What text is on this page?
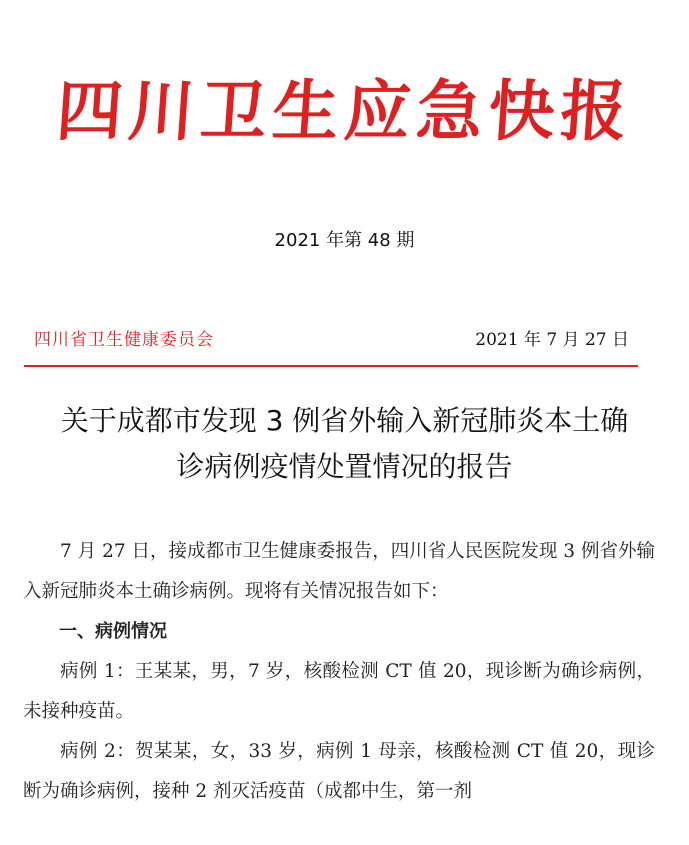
四川卫生应急快报
2021 年第 48 期
四川省卫生健康委员会	2021 年 7 月 27 日
关于成都市发现 3 例省外输入新冠肺炎本土确
诊病例疫情处置情况的报告

7 月 27 日，接成都市卫生健康委报告，四川省人民医院发现 3 例省外输入新冠肺炎本土确诊病例。现将有关情况报告如下：

一、病例情况

病例 1：王某某，男，7 岁，核酸检测 CT 值 20，现诊断为确诊病例，未接种疫苗。

病例 2：贺某某，女，33 岁，病例 1 母亲，核酸检测 CT 值 20，现诊断为确诊病例，接种 2 剂灭活疫苗（成都中生，第一剂
